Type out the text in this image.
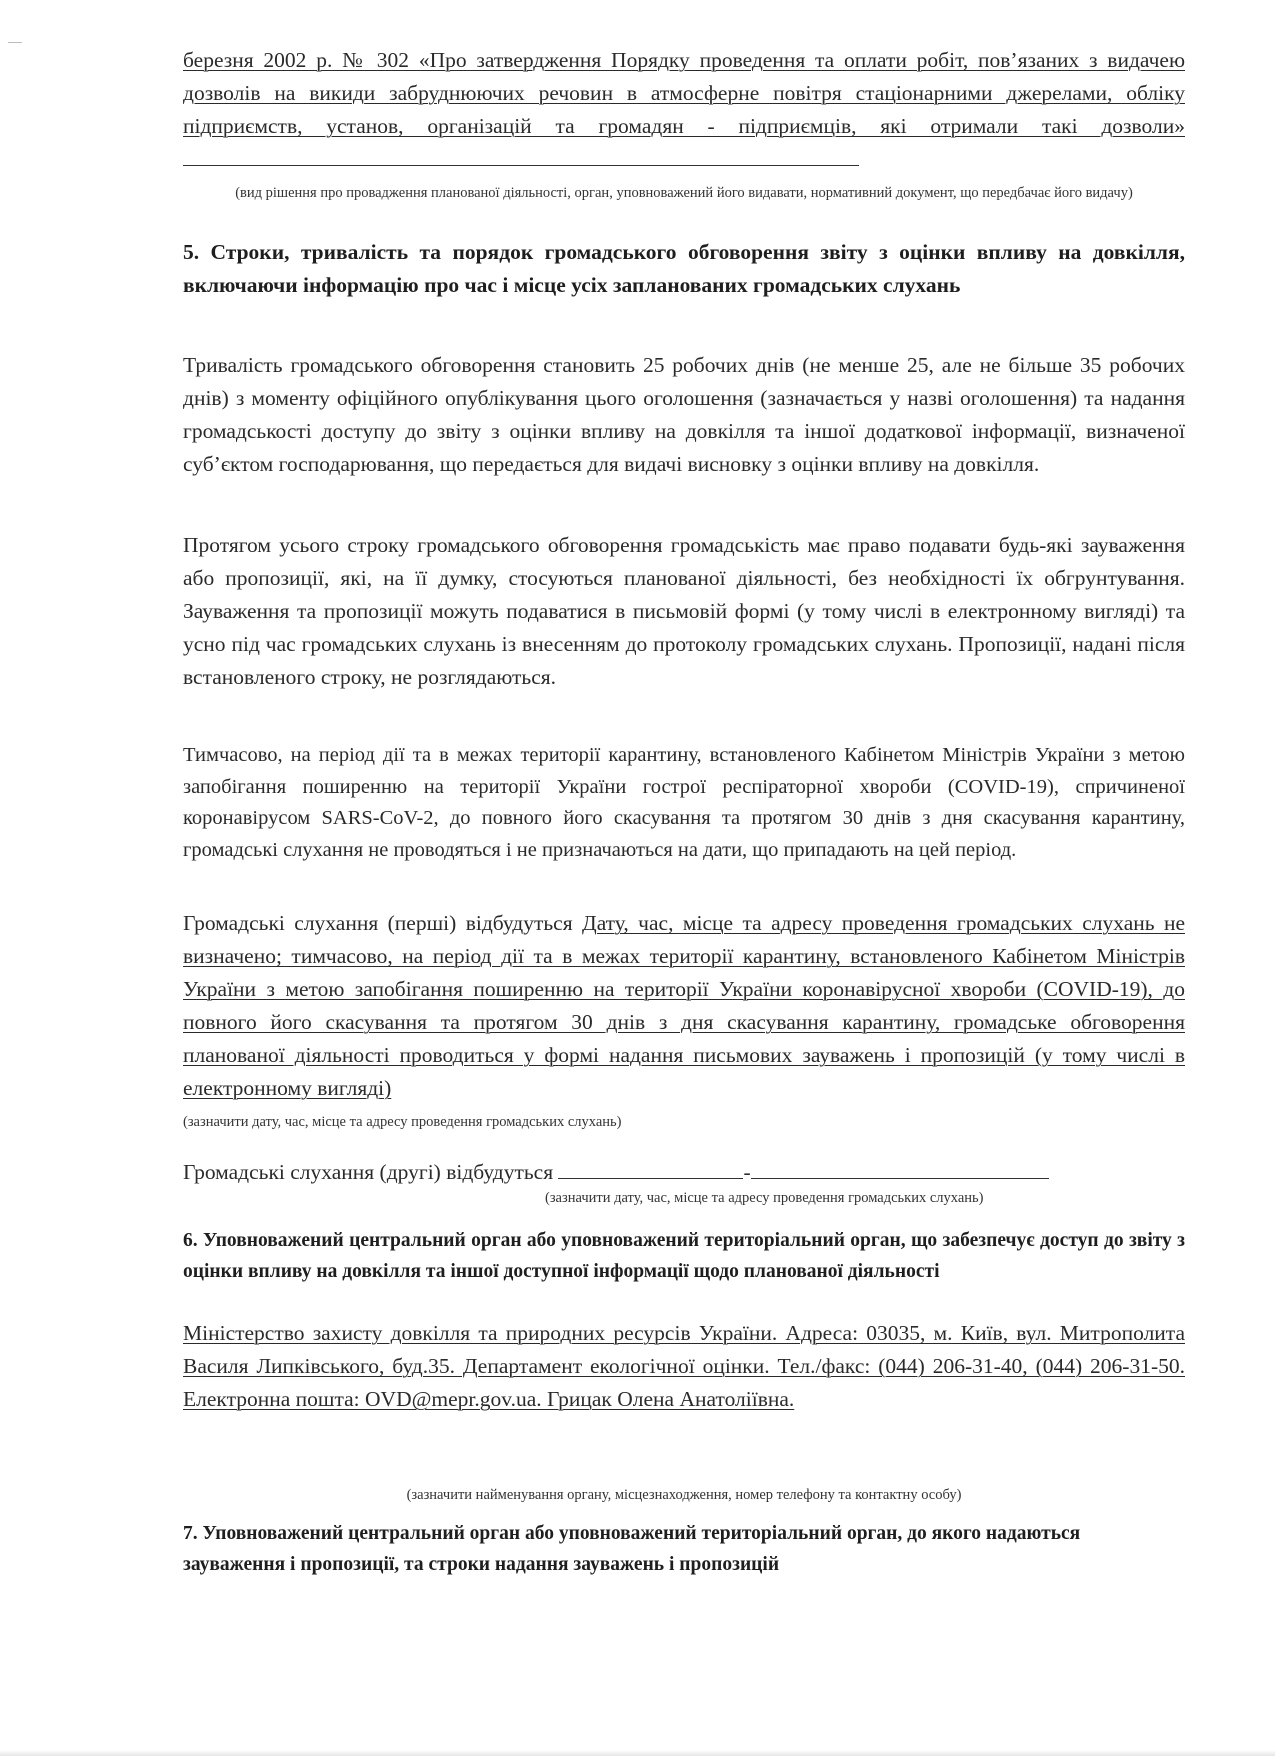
березня 2002 р. № 302 «Про затвердження Порядку проведення та оплати робіт, пов’язаних з видачею дозволів на викиди забруднюючих речовин в атмосферне повітря стаціонарними джерелами, обліку підприємств, установ, організацій та громадян - підприємців, які отримали такі дозволи»
(вид рішення про провадження планованої діяльності, орган, уповноважений його видавати, нормативний документ, що передбачає його видачу)
5. Строки, тривалість та порядок громадського обговорення звіту з оцінки впливу на довкілля, включаючи інформацію про час і місце усіх запланованих громадських слухань
Тривалість громадського обговорення становить 25 робочих днів (не менше 25, але не більше 35 робочих днів) з моменту офіційного опублікування цього оголошення (зазначається у назві оголошення) та надання громадськості доступу до звіту з оцінки впливу на довкілля та іншої додаткової інформації, визначеної суб’єктом господарювання, що передається для видачі висновку з оцінки впливу на довкілля.
Протягом усього строку громадського обговорення громадськість має право подавати будь-які зауваження або пропозиції, які, на її думку, стосуються планованої діяльності, без необхідності їх обгрунтування. Зауваження та пропозиції можуть подаватися в письмовій формі (у тому числі в електронному вигляді) та усно під час громадських слухань із внесенням до протоколу громадських слухань. Пропозиції, надані після встановленого строку, не розглядаються.
Тимчасово, на період дії та в межах території карантину, встановленого Кабінетом Міністрів України з метою запобігання поширенню на території України гострої респіраторної хвороби (COVID-19), спричиненої коронавірусом SARS-CoV-2, до повного його скасування та протягом 30 днів з дня скасування карантину, громадські слухання не проводяться і не призначаються на дати, що припадають на цей період.
Громадські слухання (перші) відбудуться Дату, час, місце та адресу проведення громадських слухань не визначено; тимчасово, на період дії та в межах території карантину, встановленого Кабінетом Міністрів України з метою запобігання поширенню на території України коронавірусної хвороби (COVID-19), до повного його скасування та протягом 30 днів з дня скасування карантину, громадське обговорення планованої діяльності проводиться у формі надання письмових зауважень і пропозицій (у тому числі в електронному вигляді)
(зазначити дату, час, місце та адресу проведення громадських слухань)
Громадські слухання (другі) відбудуться	-
(зазначити дату, час, місце та адресу проведення громадських слухань)
6. Уповноважений центральний орган або уповноважений територіальний орган, що забезпечує доступ до звіту з оцінки впливу на довкілля та іншої доступної інформації щодо планованої діяльності
Міністерство захисту довкілля та природних ресурсів України. Адреса: 03035, м. Київ, вул. Митрополита Василя Липківського, буд.35. Департамент екологічної оцінки. Тел./факс: (044) 206-31-40, (044) 206-31-50. Електронна пошта: OVD@mepr.gov.ua. Грицак Олена Анатоліївна.
(зазначити найменування органу, місцезнаходження, номер телефону та контактну особу)
7. Уповноважений центральний орган або уповноважений територіальний орган, до якого надаються зауваження і пропозиції, та строки надання зауважень і пропозицій
